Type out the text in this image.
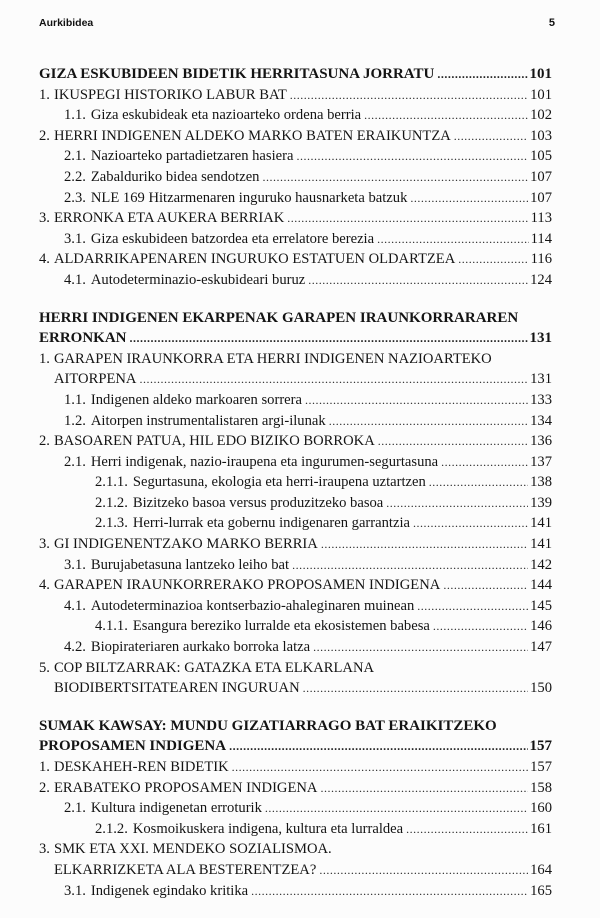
Aurkibidea	5
GIZA ESKUBIDEEN BIDETIK HERRITASUNA JORRATU .....	101
1. IKUSPEGI HISTORIKO LABUR BAT .....	101
1.1. Giza eskubideak eta nazioarteko ordena berria .....	102
2. HERRI INDIGENEN ALDEKO MARKO BATEN ERAIKUNTZA .....	103
2.1. Nazioarteko partadietzaren hasiera .....	105
2.2. Zabalduriko bidea sendotzen .....	107
2.3. NLE 169 Hitzarmenaren inguruko hausnarketa batzuk .....	107
3. ERRONKA ETA AUKERA BERRIAK .....	113
3.1. Giza eskubideen batzordea eta errelatore berezia .....	114
4. ALDARRIKAPENAREN INGURUKO ESTATUEN OLDARTZEA .....	116
4.1. Autodeterminazio-eskubideari buruz .....	124
HERRI INDIGENEN EKARPENAK GARAPEN IRAUNKORRARAREN
ERRONKAN .....	131
1. GARAPEN IRAUNKORRA ETA HERRI INDIGENEN NAZIOARTEKO
AITORPENA .....	131
1.1. Indigenen aldeko markoaren sorrera .....	133
1.2. Aitorpen instrumentalistaren argi-ilunak .....	134
2. BASOAREN PATUA, HIL EDO BIZIKO BORROKA .....	136
2.1. Herri indigenak, nazio-iraupena eta ingurumen-segurtasuna .....	137
2.1.1. Segurtasuna, ekologia eta herri-iraupena uztartzen .....	138
2.1.2. Bizitzeko basoa versus produzitzeko basoa .....	139
2.1.3. Herri-lurrak eta gobernu indigenaren garrantzia .....	141
3. GI INDIGENENTZAKO MARKO BERRIA .....	141
3.1. Burujabetasuna lantzeko leiho bat .....	142
4. GARAPEN IRAUNKORRERAKO PROPOSAMEN INDIGENA .....	144
4.1. Autodeterminazioa kontserbazio-ahaleginaren muinean .....	145
4.1.1. Esangura bereziko lurralde eta ekosistemen babesa .....	146
4.2. Biopirateriaren aurkako borroka latza .....	147
5. COP BILTZARRAK: GATAZKA ETA ELKARLANA
BIODIBERTSITATEAREN INGURUAN .....	150
SUMAK KAWSAY: MUNDU GIZATIARRAGO BAT ERAIKITZEKO
PROPOSAMEN INDIGENA .....	157
1. DESKAHEH-REN BIDETIK .....	157
2. ERABATEKO PROPOSAMEN INDIGENA .....	158
2.1. Kultura indigenetan erroturik .....	160
2.1.2. Kosmoikuskera indigena, kultura eta lurraldea .....	161
3. SMK ETA XXI. MENDEKO SOZIALISMOA.
ELKARRIZKETA ALA BESTERENTZEA? .....	164
3.1. Indigenek egindako kritika .....	165
